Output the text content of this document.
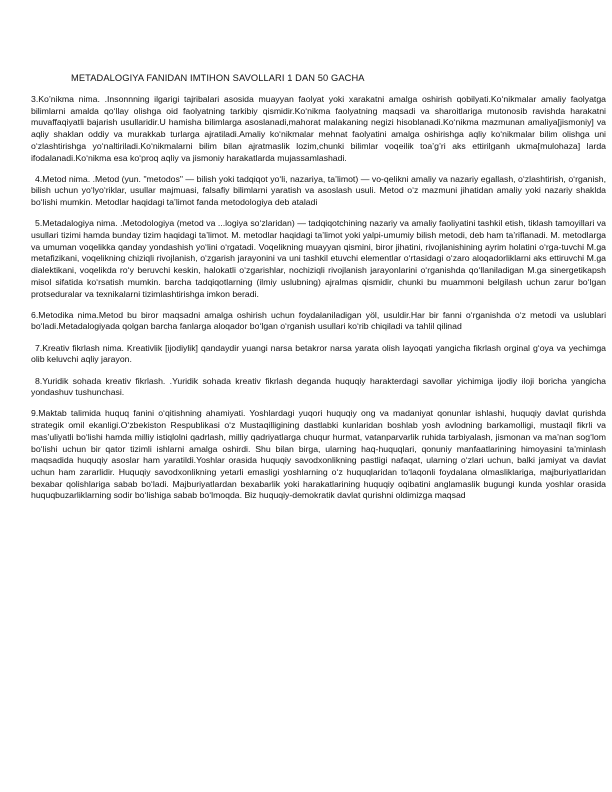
METADALOGIYA FANIDAN IMTIHON SAVOLLARI 1 DAN 50 GACHA

3.Ko’nikma nima. .Insonnning ilgarigi tajribalari asosida muayyan faolyat yoki xarakatni amalga oshirish qobilyati.Ko‘nikmalar amaliy faolyatga bilimlarni amalda qo‘llay olishga oid faolyatning tarkibiy qismidir.Ko‘nikma faolyatning maqsadi va sharoitlariga mutonosib ravishda harakatni muvaffaqiyatli bajarish usullaridir.U hamisha bilimlarga asoslanadi,mahorat malakaning negizi hisoblanadi.Ko‘nikma mazmunan amaliya[jismoniy] va aqliy shaklan oddiy va murakkab turlarga ajratiladi.Amaliy ko‘nikmalar mehnat faolyatini amalga oshirishga aqliy ko‘nikmalar bilim olishga uni o‘zlashtirishga yo‘naltiriladi.Ko‘nikmalarni bilim bilan ajratmaslik lozim,chunki bilimlar voqeilik toa’g’ri aks ettirilganh ukma[mulohaza] larda ifodalanadi.Ko‘nikma esa ko‘proq aqliy va jismoniy harakatlarda mujassamlashadi.

4.Metod nima. .Metod (yun. "metodos" — bilish yoki tadqiqot yo‘li, nazariya, ta’limot) — vo-qelikni amaliy va nazariy egallash, o‘zlashtirish, o‘rganish, bilish uchun yo‘lyo‘riklar, usullar majmuasi, falsafiy bilimlarni yaratish va asoslash usuli. Metod o‘z mazmuni jihatidan amaliy yoki nazariy shaklda bo‘lishi mumkin. Metodlar haqidagi ta’limot fanda metodologiya deb ataladi

5.Metadalogiya nima. .Metodologiya (metod va ...logiya so‘zlaridan) — tadqiqotchining nazariy va amaliy faoliyatini tashkil etish, tiklash tamoyillari va usullari tizimi hamda bunday tizim haqidagi ta’limot. M. metodlar haqidagi ta’limot yoki yalpi-umumiy bilish metodi, deb ham ta’riflanadi. M. metodlarga va umuman voqelikka qanday yondashish yo‘lini o‘rgatadi. Voqelikning muayyan qismini, biror jihatini, rivojlanishining ayrim holatini o‘rga-tuvchi M.ga metafizikani, voqelikning chiziqli rivojlanish, o‘zgarish jarayonini va uni tashkil etuvchi elementlar o‘rtasidagi o‘zaro aloqadorliklarni aks ettiruvchi M.ga dialektikani, voqelikda ro‘y beruvchi keskin, halokatli o‘zgarishlar, nochiziqli rivojlanish jarayonlarini o‘rganishda qo‘llaniladigan M.ga sinergetikapsh misol sifatida ko‘rsatish mumkin. barcha tadqiqotlarning (ilmiy uslubning) ajralmas qismidir, chunki bu muammoni belgilash uchun zarur bo‘lgan protseduralar va texnikalarni tizimlashtirishga imkon beradi.

6.Metodika nima.Metod bu biror maqsadni amalga oshirish uchun foydalaniladigan yöl, usuldir.Har bir fanni o‘rganishda o‘z metodi va uslublari bo‘ladi.Metadalogiyada qolgan barcha fanlarga aloqador bo‘lgan o‘rganish usullari ko‘rib chiqiladi va tahlil qilinad

7.Kreativ fikrlash nima. Kreativlik [ijodiylik] qandaydir yuangi narsa betakror narsa yarata olish layoqati yangicha fikrlash orginal g‘oya va yechimga olib keluvchi aqliy jarayon.

8.Yuridik sohada kreativ fikrlash. .Yuridik sohada kreativ fikrlash deganda huquqiy harakterdagi savollar yichimiga ijodiy iloji boricha yangicha yondashuv tushunchasi.

9.Maktab talimida huquq fanini o‘qitishning ahamiyati. Yoshlardagi yuqori huquqiy ong va madaniyat qonunlar ishlashi, huquqiy davlat qurishda strategik omil ekanligi.O‘zbekiston Respublikasi o‘z Mustaqilligining dastlabki kunlaridan boshlab yosh avlodning barkamolligi, mustaqil fikrli va mas’uliyatli bo‘lishi hamda milliy istiqlolni qadrlash, milliy qadriyatlarga chuqur hurmat, vatanparvarlik ruhida tarbiyalash, jismonan va ma’nan sog‘lom bo‘lishi uchun bir qator tizimli ishlarni amalga oshirdi. Shu bilan birga, ularning haq-huquqlari, qonuniy manfaatlarining himoyasini ta’minlash maqsadida huquqiy asoslar ham yaratildi.Yoshlar orasida huquqiy savodxonlikning pastligi nafaqat, ularning o‘zlari uchun, balki jamiyat va davlat uchun ham zararlidir. Huquqiy savodxonlikning yetarli emasligi yoshlarning o‘z huquqlaridan to‘laqonli foydalana olmasliklariga, majburiyatlaridan bexabar qolishlariga sabab bo‘ladi. Majburiyatlardan bexabarlik yoki harakatlarining huquqiy oqibatini anglamaslik bugungi kunda yoshlar orasida huquqbuzarliklarning sodir bo‘lishiga sabab bo‘lmoqda. Biz huquqiy-demokratik davlat qurishni oldimizga maqsad
